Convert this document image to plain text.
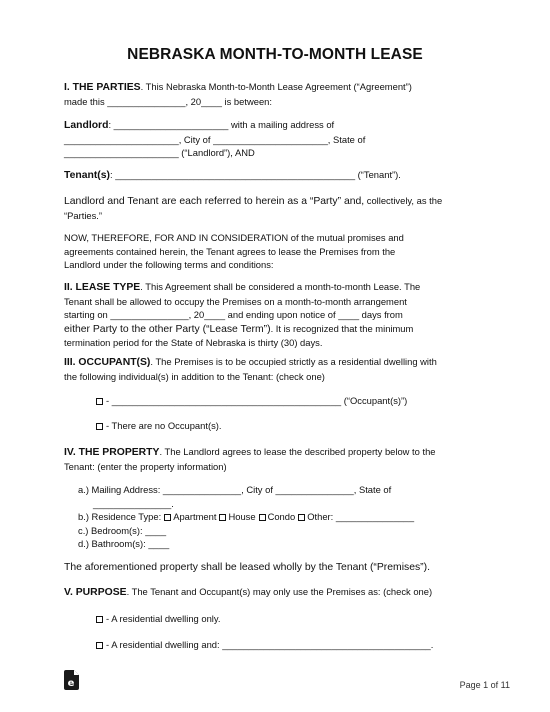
NEBRASKA MONTH-TO-MONTH LEASE
I. THE PARTIES. This Nebraska Month-to-Month Lease Agreement (“Agreement”)
made this _______________, 20____ is between:
Landlord: ______________________ with a mailing address of
______________________, City of ______________________, State of
______________________ (“Landlord”), AND
Tenant(s): ______________________________________________ (“Tenant”).
Landlord and Tenant are each referred to herein as a “Party” and, collectively, as the
“Parties.”
NOW, THEREFORE, FOR AND IN CONSIDERATION of the mutual promises and
agreements contained herein, the Tenant agrees to lease the Premises from the
Landlord under the following terms and conditions:
II. LEASE TYPE. This Agreement shall be considered a month-to-month Lease. The
Tenant shall be allowed to occupy the Premises on a month-to-month arrangement
starting on _______________, 20____ and ending upon notice of ____ days from
either Party to the other Party (“Lease Term”). It is recognized that the minimum
termination period for the State of Nebraska is thirty (30) days.
III. OCCUPANT(S). The Premises is to be occupied strictly as a residential dwelling with
the following individual(s) in addition to the Tenant: (check one)
- ____________________________________________ (“Occupant(s)”)
- There are no Occupant(s).
IV. THE PROPERTY. The Landlord agrees to lease the described property below to the
Tenant: (enter the property information)
a.) Mailing Address: _______________, City of _______________, State of
_______________.
b.) Residence Type: Apartment House Condo Other: _______________
c.) Bedroom(s): ____
d.) Bathroom(s): ____
The aforementioned property shall be leased wholly by the Tenant (“Premises”).
V. PURPOSE. The Tenant and Occupant(s) may only use the Premises as: (check one)
- A residential dwelling only.
- A residential dwelling and: ________________________________________.
e	Page 1 of 11
